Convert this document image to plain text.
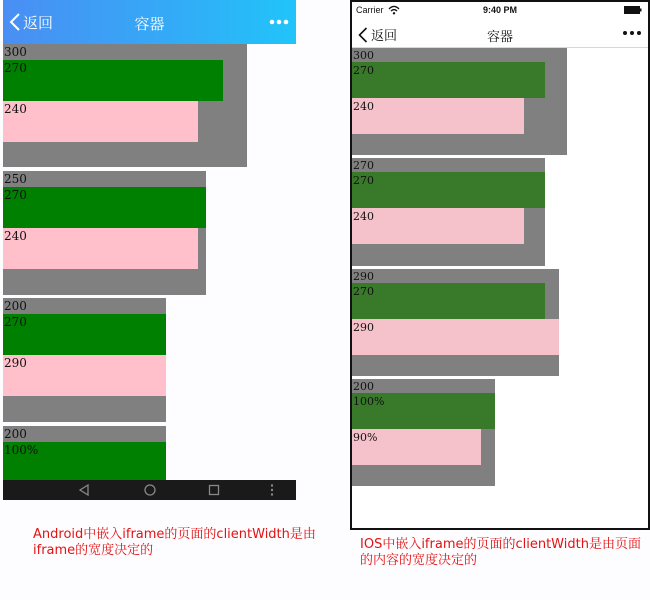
300
270
240
250
270
240
200
270
290
200
100%
返回	容器
Carrier	9:40 PM
返回	容器
300
270
240
270
270
240
290
270
290
200
100%
90%
Android中嵌入iframe的页面的clientWidth是由iframe的宽度决定的	IOS中嵌入iframe的页面的clientWidth是由页面的内容的宽度决定的
